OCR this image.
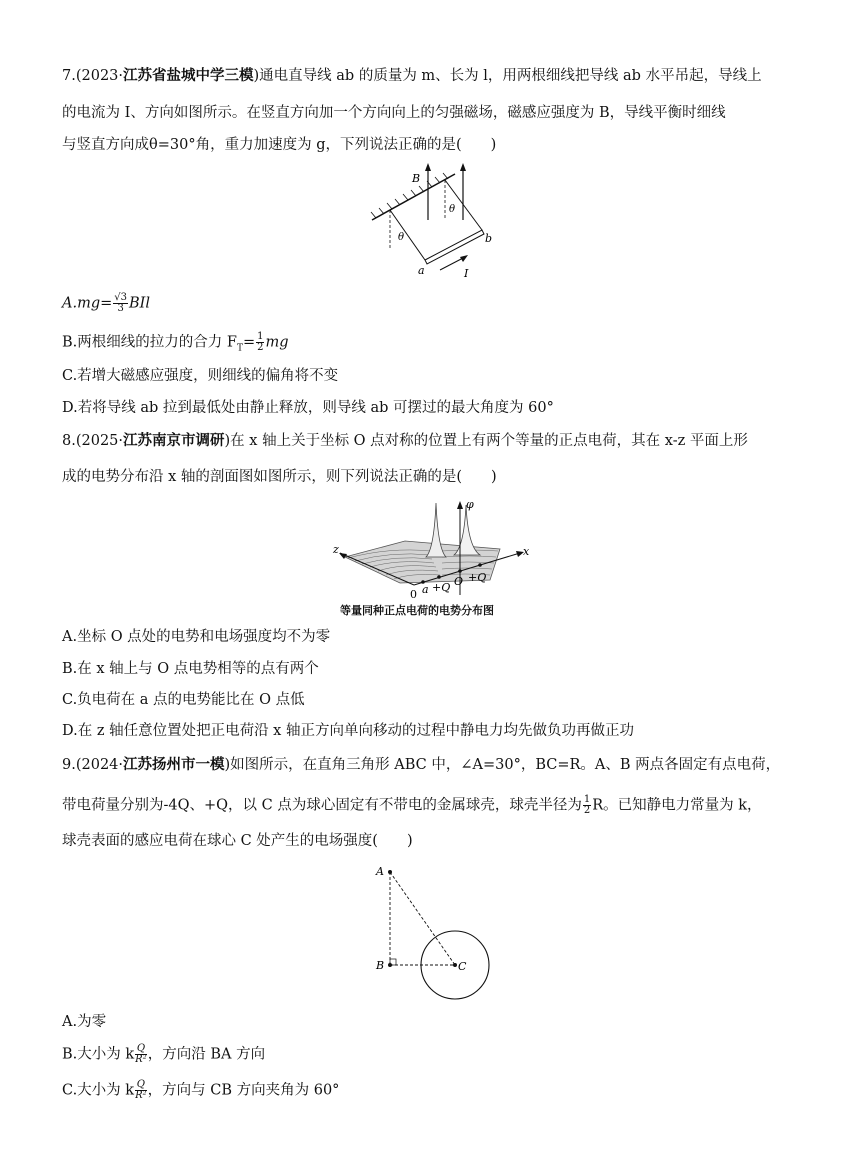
7.(2023·江苏省盐城中学三模)通电直导线 ab 的质量为 m、长为 l，用两根细线把导线 ab 水平吊起，导线上
的电流为 I、方向如图所示。在竖直方向加一个方向向上的匀强磁场，磁感应强度为 B，导线平衡时细线
与竖直方向成θ=30°角，重力加速度为 g，下列说法正确的是(　　)
B
θ
θ
a
b
I
$A.mg= \frac{√3}{3}$ BIl
B.两根细线的拉力的合力 $F_T= \frac{1}{2}$ mg
C.若增大磁感应强度，则细线的偏角将不变
D.若将导线 ab 拉到最低处由静止释放，则导线 ab 可摆过的最大角度为 60°
8.(2025·江苏南京市调研)在 x 轴上关于坐标 O 点对称的位置上有两个等量的正点电荷，其在 x-z 平面上形
成的电势分布沿 x 轴的剖面图如图所示，则下列说法正确的是(　　)
φ
z	x
0 a +Q O +Q
等量同种正点电荷的电势分布图
A.坐标 O 点处的电势和电场强度均不为零
B.在 x 轴上与 O 点电势相等的点有两个
C.负电荷在 a 点的电势能比在 O 点低
D.在 z 轴任意位置处把正电荷沿 x 轴正方向单向移动的过程中静电力均先做负功再做正功
9.(2024·江苏扬州市一模)如图所示，在直角三角形 ABC 中，∠A=30°，BC=R。A、B 两点各固定有点电荷，
带电荷量分别为-4Q、+Q，以 C 点为球心固定有不带电的金属球壳，球壳半径为 $\frac{1}{2}$ R。已知静电力常量为 k，
球壳表面的感应电荷在球心 C 处产生的电场强度(　　)
A
B	C
A.为零
B.大小为 k $\frac{Q}{\text{R²}}$ ，方向沿 BA 方向
C.大小为 k $\frac{Q}{\text{R²}}$ ，方向与 CB 方向夹角为 60°
